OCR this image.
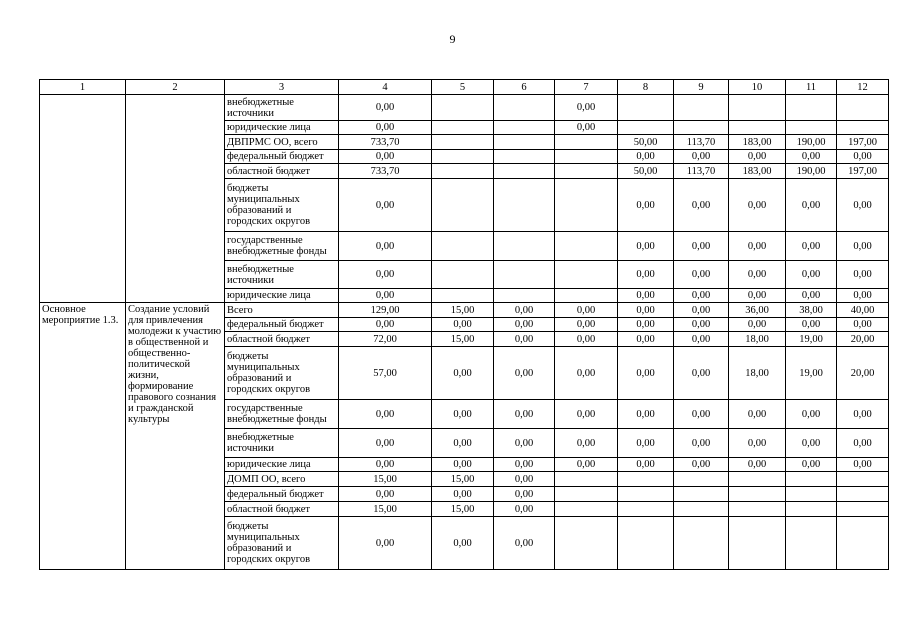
9
1	2	3	4	5	6	7	8	9	10	11	12
		внебюджетные источники	0,00			0,00					
		юридические лица	0,00			0,00					
		ДВПРМС ОО, всего	733,70				50,00	113,70	183,00	190,00	197,00
		федеральный бюджет	0,00				0,00	0,00	0,00	0,00	0,00
		областной бюджет	733,70				50,00	113,70	183,00	190,00	197,00
		бюджеты муниципальных образований и городских округов	0,00				0,00	0,00	0,00	0,00	0,00
		государственные внебюджетные фонды	0,00				0,00	0,00	0,00	0,00	0,00
		внебюджетные источники	0,00				0,00	0,00	0,00	0,00	0,00
		юридические лица	0,00				0,00	0,00	0,00	0,00	0,00
Основное мероприятие 1.3.	Создание условий для привлечения молодежи к участию в общественной и общественно-политической жизни, формирование правового сознания и гражданской культуры	Всего	129,00	15,00	0,00	0,00	0,00	0,00	36,00	38,00	40,00
		федеральный бюджет	0,00	0,00	0,00	0,00	0,00	0,00	0,00	0,00	0,00
		областной бюджет	72,00	15,00	0,00	0,00	0,00	0,00	18,00	19,00	20,00
		бюджеты муниципальных образований и городских округов	57,00	0,00	0,00	0,00	0,00	0,00	18,00	19,00	20,00
		государственные внебюджетные фонды	0,00	0,00	0,00	0,00	0,00	0,00	0,00	0,00	0,00
		внебюджетные источники	0,00	0,00	0,00	0,00	0,00	0,00	0,00	0,00	0,00
		юридические лица	0,00	0,00	0,00	0,00	0,00	0,00	0,00	0,00	0,00
		ДОМП ОО, всего	15,00	15,00	0,00						
		федеральный бюджет	0,00	0,00	0,00						
		областной бюджет	15,00	15,00	0,00						
		бюджеты муниципальных образований и городских округов	0,00	0,00	0,00						
